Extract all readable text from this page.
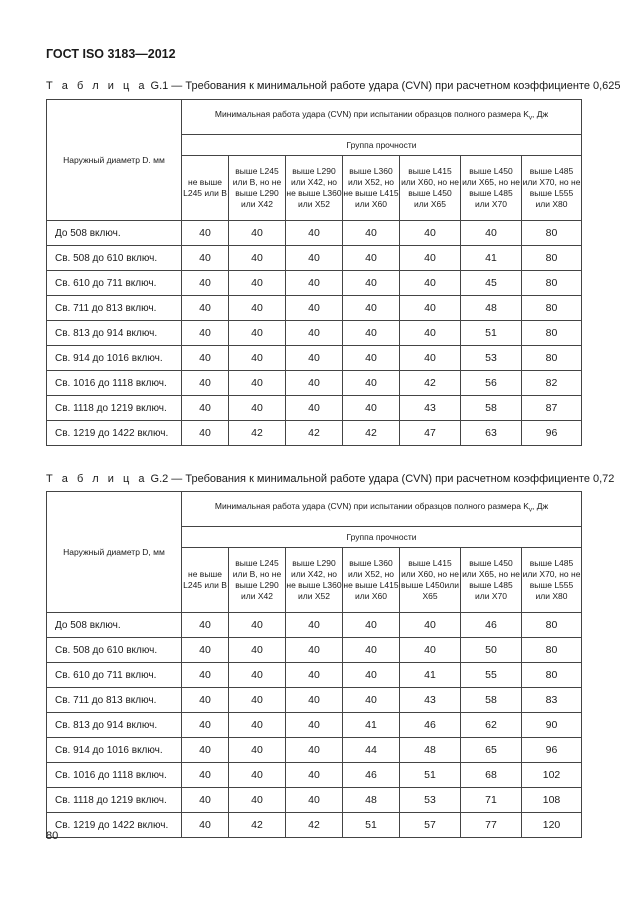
ГОСТ ISO 3183—2012
Т а б л и ц а G.1 — Требования к минимальной работе удара (CVN) при расчетном коэффициенте 0,625
Наружный диаметр D. мм	Минимальная работа удара (CVN) при испытании образцов полного размера $K_v$, Дж						
	Группа прочности						
	не выше L245 или B	выше L245 или B, но не выше L290 или X42	выше L290 или X42, но не выше L360 или X52	выше L360 или X52, но не выше L415 или X60	выше L415 или X60, но не выше L450 или X65	выше L450 или X65, но не выше L485 или X70	выше L485 или X70, но не выше L555 или X80
До 508 включ.	40	40	40	40	40	40	80
Св. 508 до 610 включ.	40	40	40	40	40	41	80
Св. 610 до 711 включ.	40	40	40	40	40	45	80
Св. 711 до 813 включ.	40	40	40	40	40	48	80
Св. 813 до 914 включ.	40	40	40	40	40	51	80
Св. 914 до 1016 включ.	40	40	40	40	40	53	80
Св. 1016 до 1118 включ.	40	40	40	40	42	56	82
Св. 1118 до 1219 включ.	40	40	40	40	43	58	87
Св. 1219 до 1422 включ.	40	42	42	42	47	63	96
Т а б л и ц а G.2 — Требования к минимальной работе удара (CVN) при расчетном коэффициенте 0,72
Наружный диаметр D, мм	Минимальная работа удара (CVN) при испытании образцов полного размера $K_v$, Дж						
	Группа прочности						
	не выше L245 или B	выше L245 или B, но не выше L290 или X42	выше L290 или X42, но не выше L360 или X52	выше L360 или X52, но не выше L415 или X60	выше L415 или X60, но не выше L450или X65	выше L450 или X65, но не выше L485 или X70	выше L485 или X70, но не выше L555 или X80
До 508 включ.	40	40	40	40	40	46	80
Св. 508 до 610 включ.	40	40	40	40	40	50	80
Св. 610 до 711 включ.	40	40	40	40	41	55	80
Св. 711 до 813 включ.	40	40	40	40	43	58	83
Св. 813 до 914 включ.	40	40	40	41	46	62	90
Св. 914 до 1016 включ.	40	40	40	44	48	65	96
Св. 1016 до 1118 включ.	40	40	40	46	51	68	102
Св. 1118 до 1219 включ.	40	40	40	48	53	71	108
Св. 1219 до 1422 включ.	40	42	42	51	57	77	120
80
